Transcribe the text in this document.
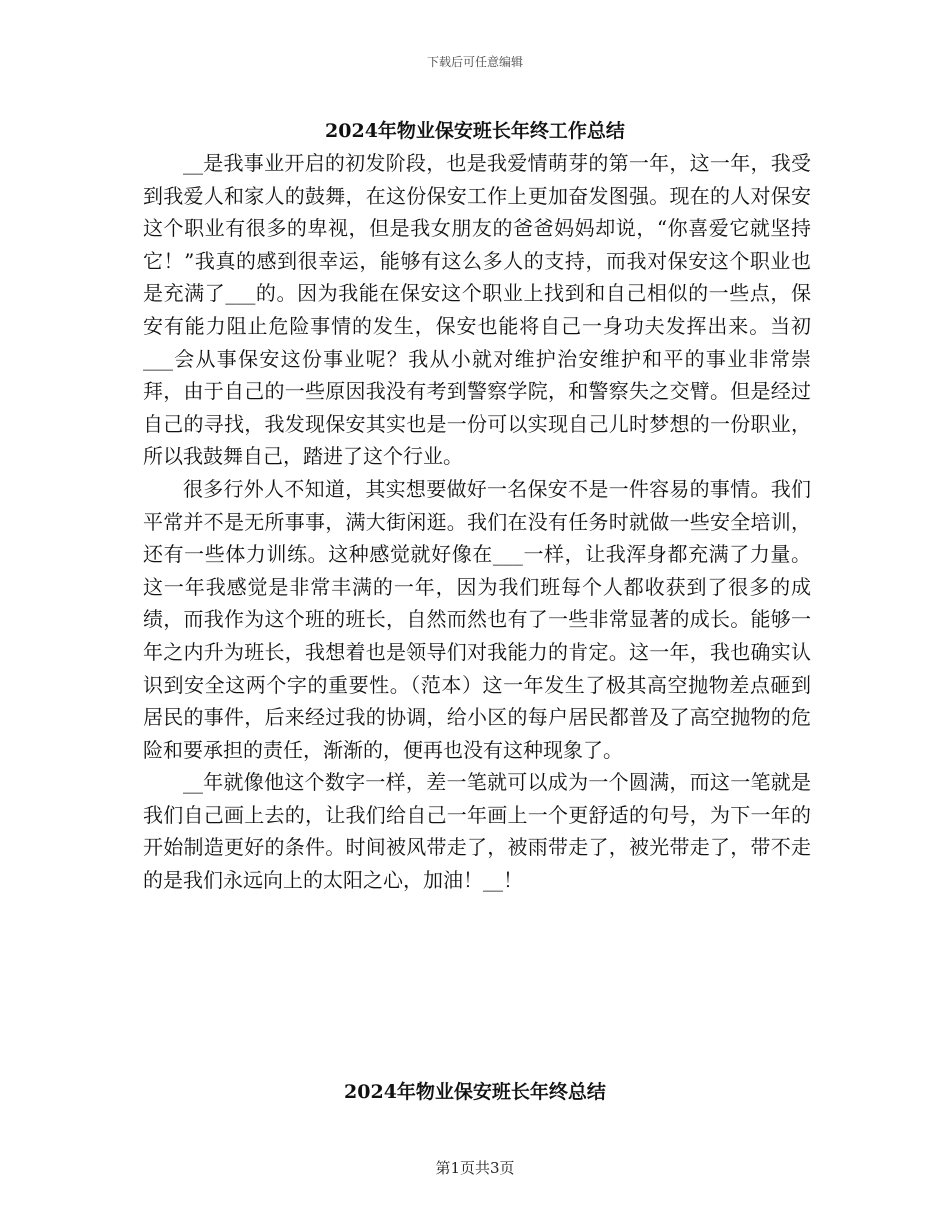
下载后可任意编辑
2024年物业保安班长年终工作总结

__是我事业开启的初发阶段，也是我爱情萌芽的第一年，这一年，我受到我爱人和家人的鼓舞，在这份保安工作上更加奋发图强。现在的人对保安这个职业有很多的卑视，但是我女朋友的爸爸妈妈却说，“你喜爱它就坚持它！”我真的感到很幸运，能够有这么多人的支持，而我对保安这个职业也是充满了___的。因为我能在保安这个职业上找到和自己相似的一些点，保安有能力阻止危险事情的发生，保安也能将自己一身功夫发挥出来。当初___会从事保安这份事业呢？我从小就对维护治安维护和平的事业非常崇拜，由于自己的一些原因我没有考到警察学院，和警察失之交臂。但是经过自己的寻找，我发现保安其实也是一份可以实现自己儿时梦想的一份职业，所以我鼓舞自己，踏进了这个行业。

很多行外人不知道，其实想要做好一名保安不是一件容易的事情。我们平常并不是无所事事，满大街闲逛。我们在没有任务时就做一些安全培训，还有一些体力训练。这种感觉就好像在___一样，让我浑身都充满了力量。这一年我感觉是非常丰满的一年，因为我们班每个人都收获到了很多的成绩，而我作为这个班的班长，自然而然也有了一些非常显著的成长。能够一年之内升为班长，我想着也是领导们对我能力的肯定。这一年，我也确实认识到安全这两个字的重要性。（范本）这一年发生了极其高空抛物差点砸到居民的事件，后来经过我的协调，给小区的每户居民都普及了高空抛物的危险和要承担的责任，渐渐的，便再也没有这种现象了。

__年就像他这个数字一样，差一笔就可以成为一个圆满，而这一笔就是我们自己画上去的，让我们给自己一年画上一个更舒适的句号，为下一年的开始制造更好的条件。时间被风带走了，被雨带走了，被光带走了，带不走的是我们永远向上的太阳之心，加油！__！

2024年物业保安班长年终总结
第1页共3页
